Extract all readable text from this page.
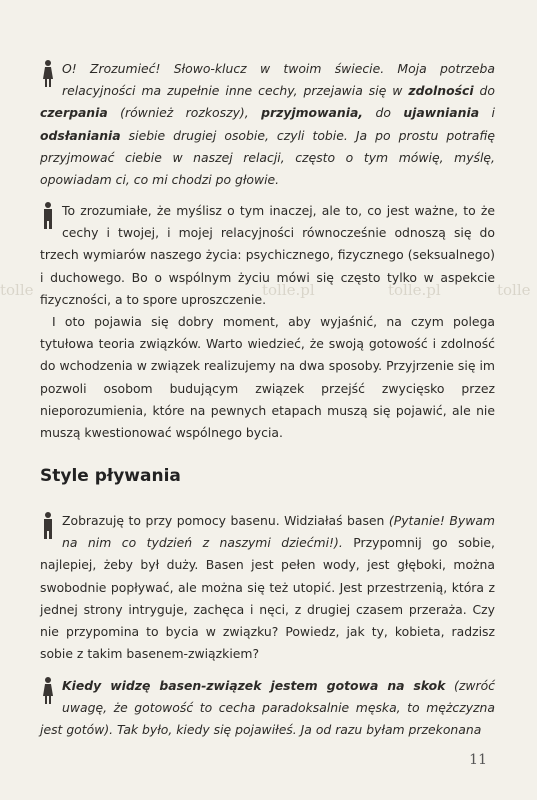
tolle	tolle.pl	tolle.pl	tolle
O! Zrozumieć! Słowo-klucz w twoim świecie. Moja potrzeba relacyjności ma zupełnie inne cechy, przejawia się w zdolności do czerpania (również rozkoszy), przyjmowania, do ujawniania i odsłaniania siebie drugiej osobie, czyli tobie. Ja po prostu potrafię przyjmować ciebie w naszej relacji, często o tym mówię, myślę, opowiadam ci, co mi chodzi po głowie.
To zrozumiałe, że myślisz o tym inaczej, ale to, co jest ważne, to że cechy i twojej, i mojej relacyjności równocześnie odnoszą się do trzech wymiarów naszego życia: psychicznego, fizycznego (seksualnego) i duchowego. Bo o wspólnym życiu mówi się często tylko w aspekcie fizyczności, a to spore uproszczenie.
I oto pojawia się dobry moment, aby wyjaśnić, na czym polega tytułowa teoria związków. Warto wiedzieć, że swoją gotowość i zdolność do wchodzenia w związek realizujemy na dwa sposoby. Przyjrzenie się im pozwoli osobom budującym związek przejść zwycięsko przez nieporozumienia, które na pewnych etapach muszą się pojawić, ale nie muszą kwestionować wspólnego bycia.
Style pływania
Zobrazuję to przy pomocy basenu. Widziałaś basen (Pytanie! Bywam na nim co tydzień z naszymi dziećmi!). Przypomnij go sobie, najlepiej, żeby był duży. Basen jest pełen wody, jest głęboki, można swobodnie popływać, ale można się też utopić. Jest przestrzenią, która z jednej strony intryguje, zachęca i nęci, z drugiej czasem przeraża. Czy nie przypomina to bycia w związku? Powiedz, jak ty, kobieta, radzisz sobie z takim basenem-związkiem?
Kiedy widzę basen-związek jestem gotowa na skok (zwróć uwagę, że gotowość to cecha paradoksalnie męska, to mężczyzna jest gotów). Tak było, kiedy się pojawiłeś. Ja od razu byłam przekonana
11
